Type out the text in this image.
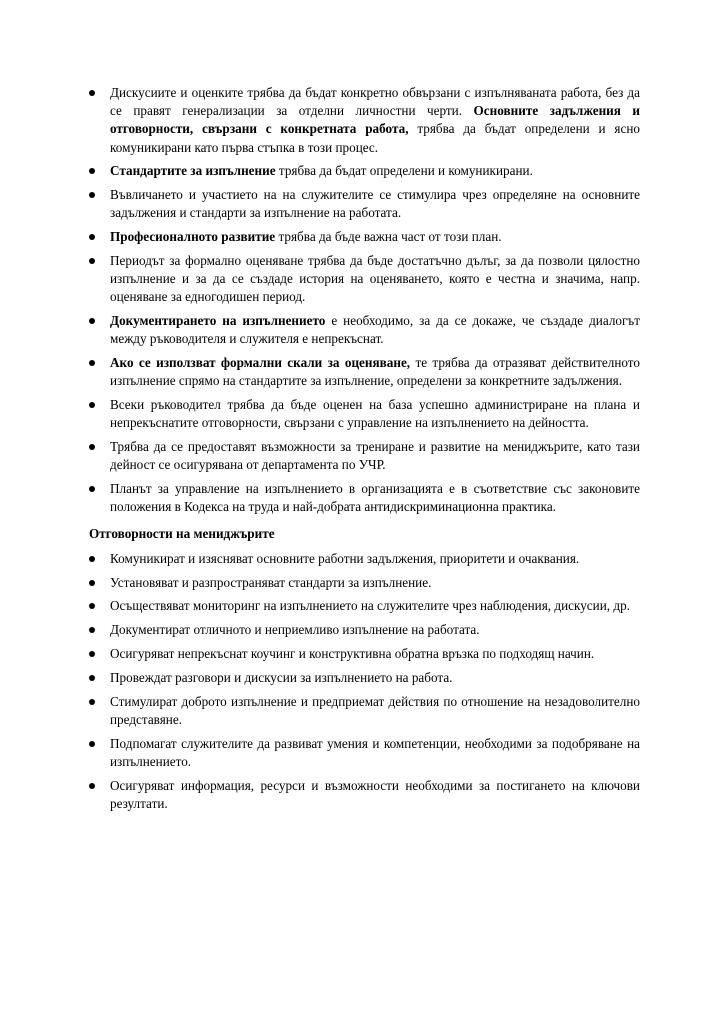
Дискусиите и оценките трябва да бъдат конкретно обвързани с изпълняваната работа, без да се правят генерализации за отделни личностни черти. Основните задължения и отговорности, свързани с конкретната работа, трябва да бъдат определени и ясно комуникирани като първа стъпка в този процес.
Стандартите за изпълнение трябва да бъдат определени и комуникирани.
Въвличането и участието на на служителите се стимулира чрез определяне на основните задължения и стандарти за изпълнение на работата.
Професионалното развитие трябва да бъде важна част от този план.
Периодът за формално оценяване трябва да бъде достатъчно дълъг, за да позволи цялостно изпълнение и за да се създаде история на оценяването, която е честна и значима, напр. оценяване за едногодишен период.
Документирането на изпълнението е необходимо, за да се докаже, че създаде диалогът между ръководителя и служителя е непрекъснат.
Ако се използват формални скали за оценяване, те трябва да отразяват действителното изпълнение спрямо на стандартите за изпълнение, определени за конкретните задължения.
Всеки ръководител трябва да бъде оценен на база успешно администриране на плана и непрекъснатите отговорности, свързани с управление на изпълнението на дейността.
Трябва да се предоставят възможности за трениране и развитие на мениджърите, като тази дейност се осигурявана от департамента по УЧР.
Планът за управление на изпълнението в организацията е в съответствие със законовите положения в Кодекса на труда и най-добрата антидискриминационна практика.
Отговорности на мениджърите
Комуникират и изясняват основните работни задължения, приоритети и очаквания.
Установяват и разпространяват стандарти за изпълнение.
Осъществяват мониторинг на изпълнението на служителите чрез наблюдения, дискусии, др.
Документират отличното и неприемливо изпълнение на работата.
Осигуряват непрекъснат коучинг и конструктивна обратна връзка по подходящ начин.
Провеждат разговори и дискусии за изпълнението на работа.
Стимулират доброто изпълнение и предприемат действия по отношение на незадоволително представяне.
Подпомагат служителите да развиват умения и компетенции, необходими за подобряване на изпълнението.
Осигуряват информация, ресурси и възможности необходими за постигането на ключови резултати.
